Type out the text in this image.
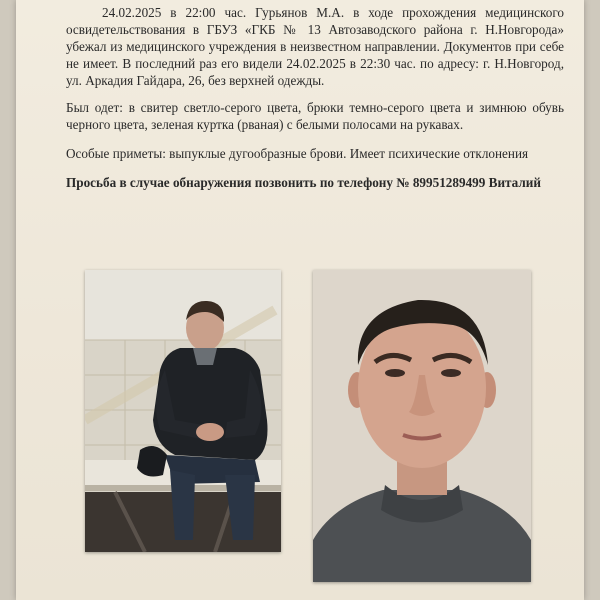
24.02.2025 в 22:00 час. Гурьянов М.А. в ходе прохождения медицинского освидетельствования в ГБУЗ «ГКБ № 13 Автозаводского района г. Н.Новгорода» убежал из медицинского учреждения в неизвестном направлении. Документов при себе не имеет. В последний раз его видели 24.02.2025 в 22:30 час. по адресу: г. Н.Новгород, ул. Аркадия Гайдара, 26, без верхней одежды.

Был одет: в свитер светло-серого цвета, брюки темно-серого цвета и зимнюю обувь черного цвета, зеленая куртка (рваная) с белыми полосами на рукавах.

Особые приметы: выпуклые дугообразные брови. Имеет психические отклонения

Просьба в случае обнаружения позвонить по телефону № 89951289499 Виталий
